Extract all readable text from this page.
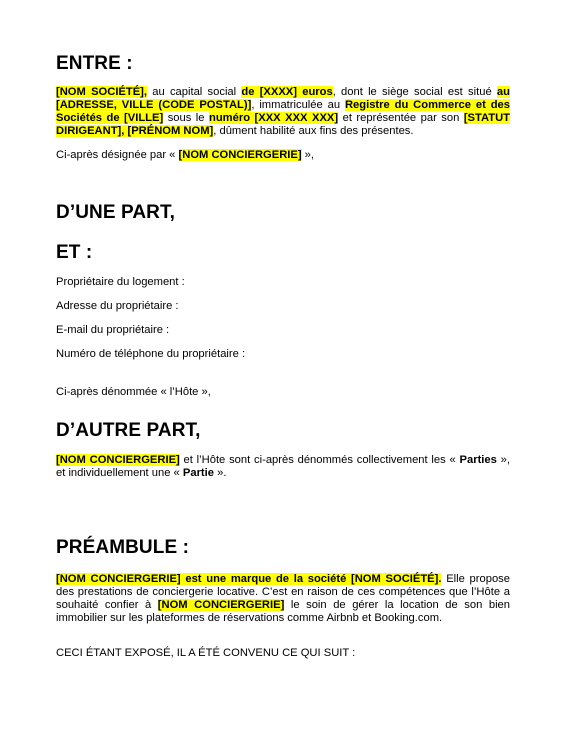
ENTRE :

[NOM SOCIÉTÉ], au capital social de [XXXX] euros, dont le siège social est situé au [ADRESSE, VILLE (CODE POSTAL)], immatriculée au Registre du Commerce et des Sociétés de [VILLE] sous le numéro [XXX XXX XXX] et représentée par son [STATUT DIRIGEANT], [PRÉNOM NOM], dûment habilité aux fins des présentes.

Ci-après désignée par « [NOM CONCIERGERIE] »,

D’UNE PART,
ET :

Propriétaire du logement :

Adresse du propriétaire :

E-mail du propriétaire :

Numéro de téléphone du propriétaire :

Ci-après dénommée « l’Hôte »,

D’AUTRE PART,

[NOM CONCIERGERIE] et l’Hôte sont ci-après dénommés collectivement les « Parties », et individuellement une « Partie ».

PRÉAMBULE :

[NOM CONCIERGERIE] est une marque de la société [NOM SOCIÉTÉ]. Elle propose des prestations de conciergerie locative. C’est en raison de ces compétences que l’Hôte a souhaité confier à [NOM CONCIERGERIE] le soin de gérer la location de son bien immobilier sur les plateformes de réservations comme Airbnb et Booking.com.

CECI ÉTANT EXPOSÉ, IL A ÉTÉ CONVENU CE QUI SUIT :
